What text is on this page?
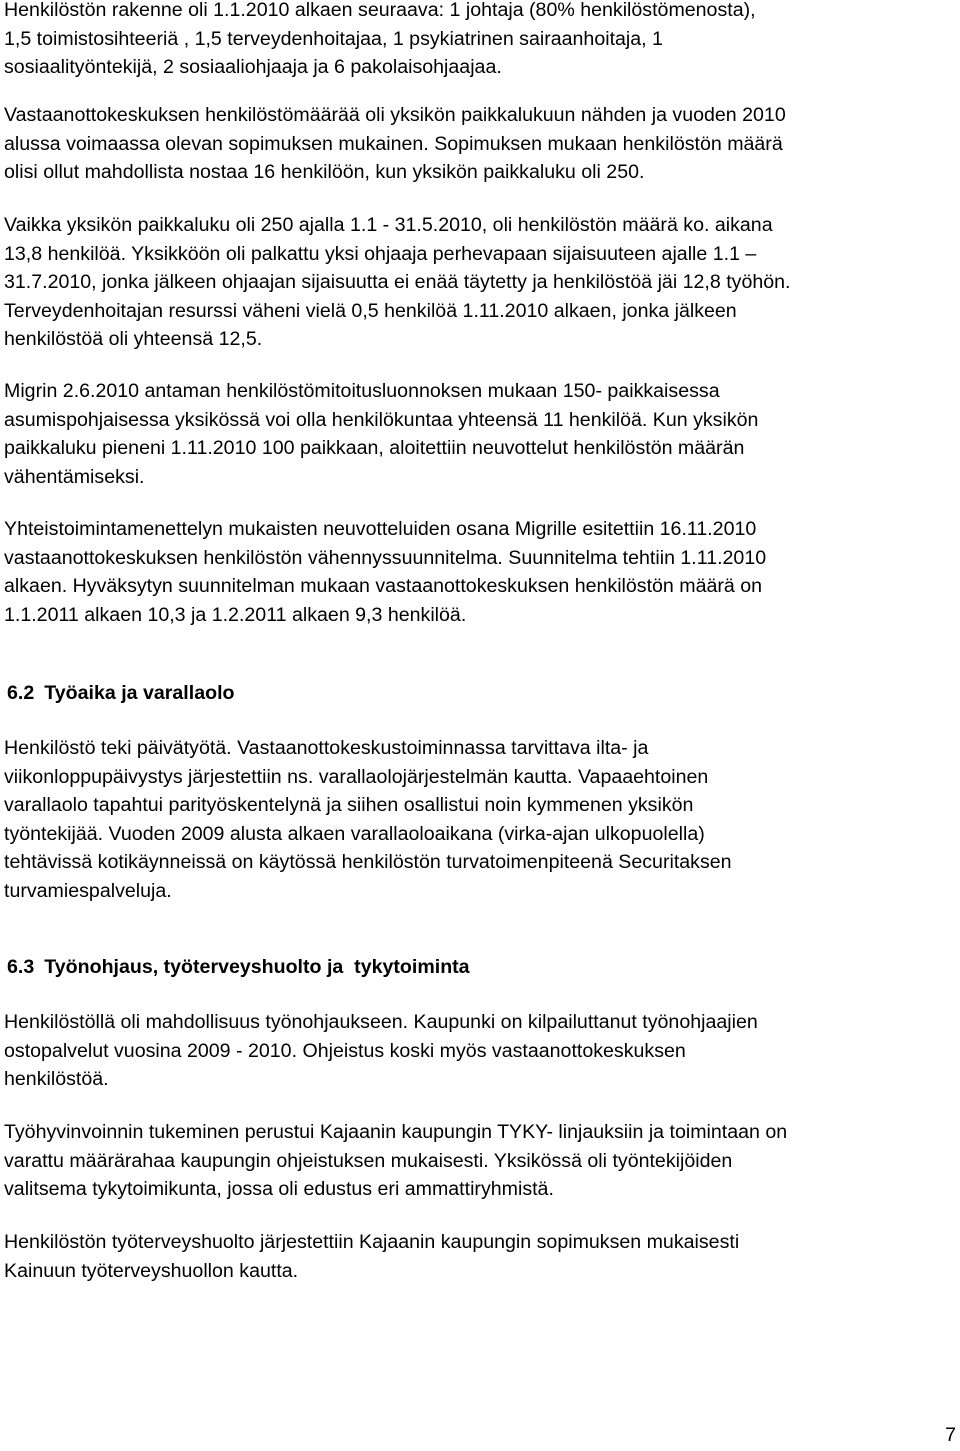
Henkilöstön rakenne oli 1.1.2010 alkaen seuraava: 1 johtaja (80% henkilöstömenosta),
1,5 toimistosihteeriä , 1,5 terveydenhoitajaa, 1 psykiatrinen sairaanhoitaja, 1
sosiaalityöntekijä, 2 sosiaaliohjaaja ja 6 pakolaisohjaajaa.

Vastaanottokeskuksen henkilöstömäärää oli yksikön paikkalukuun nähden ja vuoden 2010
alussa voimaassa olevan sopimuksen mukainen. Sopimuksen mukaan henkilöstön määrä
olisi ollut mahdollista nostaa 16 henkilöön, kun yksikön paikkaluku oli 250.

Vaikka yksikön paikkaluku oli 250 ajalla 1.1 - 31.5.2010, oli henkilöstön määrä ko. aikana
13,8 henkilöä. Yksikköön oli palkattu yksi ohjaaja perhevapaan sijaisuuteen ajalle 1.1 –
31.7.2010, jonka jälkeen ohjaajan sijaisuutta ei enää täytetty ja henkilöstöä jäi 12,8 työhön.
Terveydenhoitajan resurssi väheni vielä 0,5 henkilöä 1.11.2010 alkaen, jonka jälkeen
henkilöstöä oli yhteensä 12,5.

Migrin 2.6.2010 antaman henkilöstömitoitusluonnoksen mukaan 150- paikkaisessa
asumispohjaisessa yksikössä voi olla henkilökuntaa yhteensä 11 henkilöä. Kun yksikön
paikkaluku pieneni 1.11.2010 100 paikkaan, aloitettiin neuvottelut henkilöstön määrän
vähentämiseksi.

Yhteistoimintamenettelyn mukaisten neuvotteluiden osana Migrille esitettiin 16.11.2010
vastaanottokeskuksen henkilöstön vähennyssuunnitelma. Suunnitelma tehtiin 1.11.2010
alkaen. Hyväksytyn suunnitelman mukaan vastaanottokeskuksen henkilöstön määrä on
1.1.2011 alkaen 10,3 ja 1.2.2011 alkaen 9,3 henkilöä.

6.2 Työaika ja varallaolo

Henkilöstö teki päivätyötä. Vastaanottokeskustoiminnassa tarvittava ilta- ja
viikonloppupäivystys järjestettiin ns. varallaolojärjestelmän kautta. Vapaaehtoinen
varallaolo tapahtui parityöskentelynä ja siihen osallistui noin kymmenen yksikön
työntekijää. Vuoden 2009 alusta alkaen varallaoloaikana (virka-ajan ulkopuolella)
tehtävissä kotikäynneissä on käytössä henkilöstön turvatoimenpiteenä Securitaksen
turvamiespalveluja.

6.3 Työnohjaus, työterveyshuolto ja  tykytoiminta

Henkilöstöllä oli mahdollisuus työnohjaukseen. Kaupunki on kilpailuttanut työnohjaajien
ostopalvelut vuosina 2009 - 2010. Ohjeistus koski myös vastaanottokeskuksen
henkilöstöä.

Työhyvinvoinnin tukeminen perustui Kajaanin kaupungin TYKY- linjauksiin ja toimintaan on
varattu määrärahaa kaupungin ohjeistuksen mukaisesti. Yksikössä oli työntekijöiden
valitsema tykytoimikunta, jossa oli edustus eri ammattiryhmistä.

Henkilöstön työterveyshuolto järjestettiin Kajaanin kaupungin sopimuksen mukaisesti
Kainuun työterveyshuollon kautta.

7
